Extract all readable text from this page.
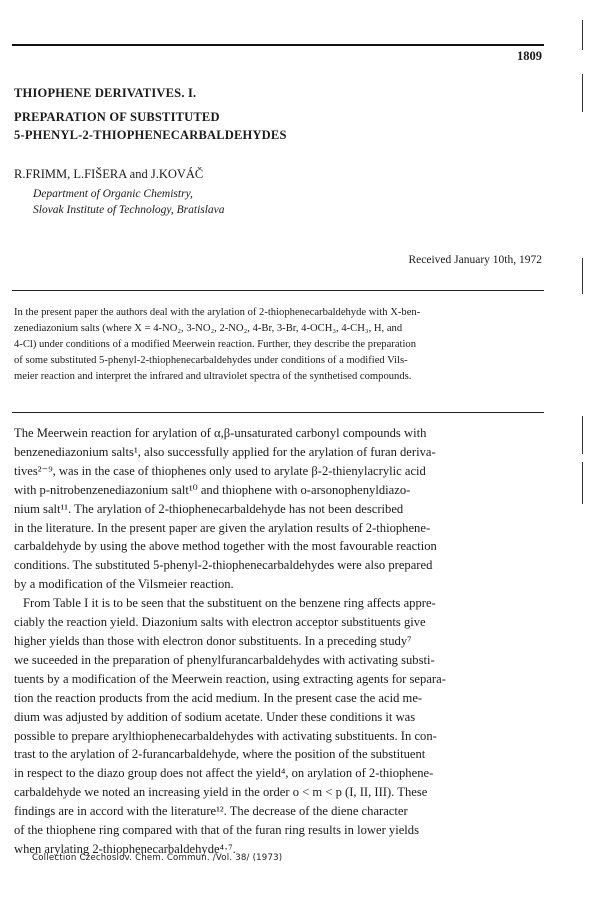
1809
THIOPHENE DERIVATIVES. I.
PREPARATION OF SUBSTITUTED
5-PHENYL-2-THIOPHENECARBALDEHYDES
R.FRIMM, L.FIŠERA and J.KOVÁČ
Department of Organic Chemistry,
Slovak Institute of Technology, Bratislava
Received January 10th, 1972
In the present paper the authors deal with the arylation of 2-thiophenecarbaldehyde with X-ben-
zenediazonium salts (where X = 4-NO₂, 3-NO₂, 2-NO₂, 4-Br, 3-Br, 4-OCH₃, 4-CH₃, H, and
4-Cl) under conditions of a modified Meerwein reaction. Further, they describe the preparation
of some substituted 5-phenyl-2-thiophenecarbaldehydes under conditions of a modified Vils-
meier reaction and interpret the infrared and ultraviolet spectra of the synthetised compounds.
The Meerwein reaction for arylation of α,β-unsaturated carbonyl compounds with
benzenediazonium salts¹, also successfully applied for the arylation of furan deriva-
tives²⁻⁹, was in the case of thiophenes only used to arylate β-2-thienylacrylic acid
with p-nitrobenzenediazonium salt¹⁰ and thiophene with o-arsonophenyldiazo-
nium salt¹¹. The arylation of 2-thiophenecarbaldehyde has not been described
in the literature. In the present paper are given the arylation results of 2-thiophene-
carbaldehyde by using the above method together with the most favourable reaction
conditions. The substituted 5-phenyl-2-thiophenecarbaldehydes were also prepared
by a modification of the Vilsmeier reaction.
From Table I it is to be seen that the substituent on the benzene ring affects appre-
ciably the reaction yield. Diazonium salts with electron acceptor substituents give
higher yields than those with electron donor substituents. In a preceding study⁷
we suceeded in the preparation of phenylfurancarbaldehydes with activating substi-
tuents by a modification of the Meerwein reaction, using extracting agents for separa-
tion the reaction products from the acid medium. In the present case the acid me-
dium was adjusted by addition of sodium acetate. Under these conditions it was
possible to prepare arylthiophenecarbaldehydes with activating substituents. In con-
trast to the arylation of 2-furancarbaldehyde, where the position of the substituent
in respect to the diazo group does not affect the yield⁴, on arylation of 2-thiophene-
carbaldehyde we noted an increasing yield in the order o < m < p (I, II, III). These
findings are in accord with the literature¹². The decrease of the diene character
of the thiophene ring compared with that of the furan ring results in lower yields
when arylating 2-thiophenecarbaldehyde⁴·⁷.
Collection Czechoslov. Chem. Commun. /Vol. 38/ (1973)
